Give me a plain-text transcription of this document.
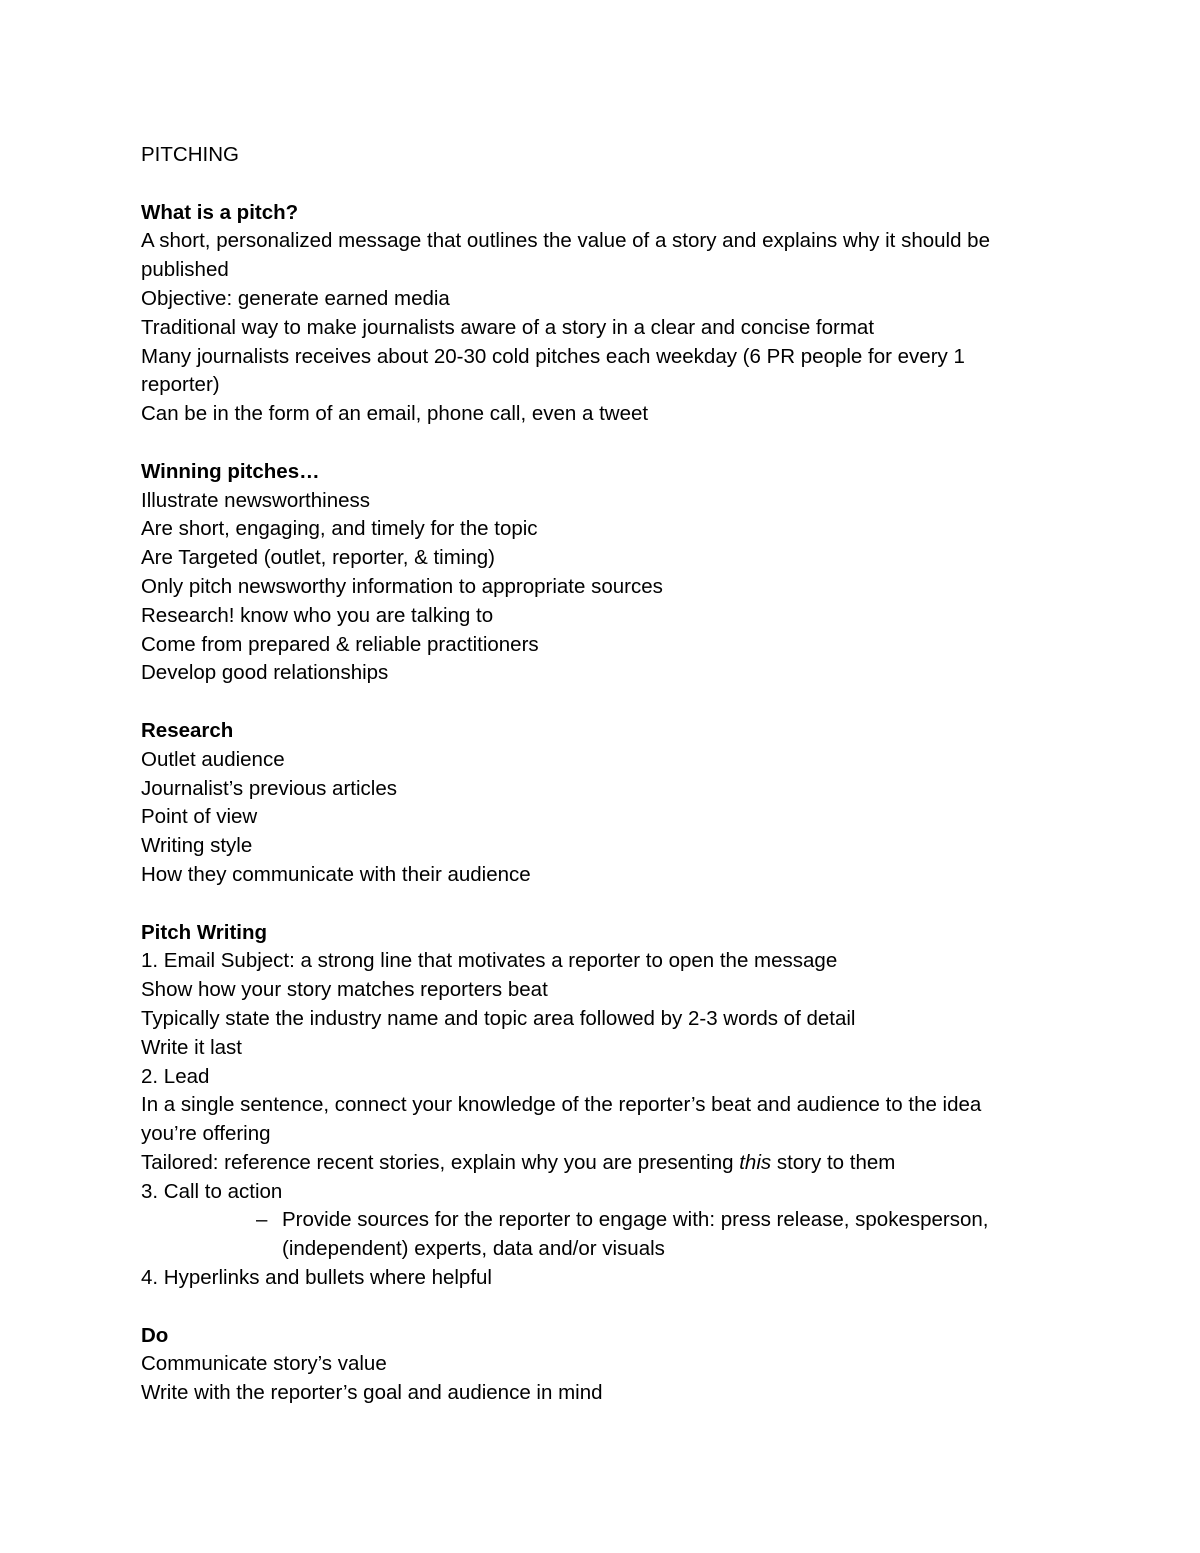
PITCHING
What is a pitch?
A short, personalized message that outlines the value of a story and explains why it should be
published
Objective: generate earned media
Traditional way to make journalists aware of a story in a clear and concise format
Many journalists receives about 20-30 cold pitches each weekday (6 PR people for every 1
reporter)
Can be in the form of an email, phone call, even a tweet
Winning pitches…
Illustrate newsworthiness
Are short, engaging, and timely for the topic
Are Targeted (outlet, reporter, & timing)
Only pitch newsworthy information to appropriate sources
Research! know who you are talking to
Come from prepared & reliable practitioners
Develop good relationships
Research
Outlet audience
Journalist’s previous articles
Point of view
Writing style
How they communicate with their audience
Pitch Writing
1. Email Subject: a strong line that motivates a reporter to open the message
Show how your story matches reporters beat
Typically state the industry name and topic area followed by 2-3 words of detail
Write it last
2. Lead
In a single sentence, connect your knowledge of the reporter’s beat and audience to the idea
you’re offering
Tailored: reference recent stories, explain why you are presenting this story to them
3. Call to action
– Provide sources for the reporter to engage with: press release, spokesperson,
(independent) experts, data and/or visuals
4. Hyperlinks and bullets where helpful
Do
Communicate story’s value
Write with the reporter’s goal and audience in mind
